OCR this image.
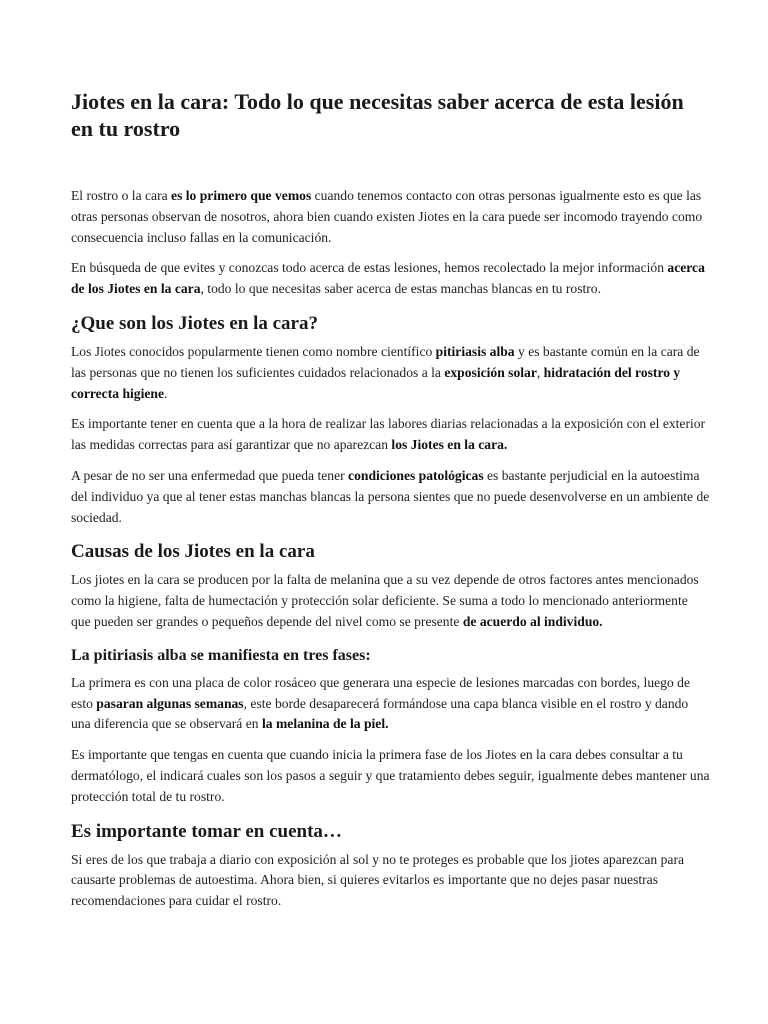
Jiotes en la cara: Todo lo que necesitas saber acerca de esta lesión en tu rostro

El rostro o la cara es lo primero que vemos cuando tenemos contacto con otras personas igualmente esto es que las otras personas observan de nosotros, ahora bien cuando existen Jiotes en la cara puede ser incomodo trayendo como consecuencia incluso fallas en la comunicación.

En búsqueda de que evites y conozcas todo acerca de estas lesiones, hemos recolectado la mejor información acerca de los Jiotes en la cara, todo lo que necesitas saber acerca de estas manchas blancas en tu rostro.

¿Que son los Jiotes en la cara?

Los Jiotes conocidos popularmente tienen como nombre científico pitiriasis alba y es bastante común en la cara de las personas que no tienen los suficientes cuidados relacionados a la exposición solar, hidratación del rostro y correcta higiene.

Es importante tener en cuenta que a la hora de realizar las labores diarias relacionadas a la exposición con el exterior las medidas correctas para así garantizar que no aparezcan los Jiotes en la cara.

A pesar de no ser una enfermedad que pueda tener condiciones patológicas es bastante perjudicial en la autoestima del individuo ya que al tener estas manchas blancas la persona sientes que no puede desenvolverse en un ambiente de sociedad.

Causas de los Jiotes en la cara

Los jiotes en la cara se producen por la falta de melanina que a su vez depende de otros factores antes mencionados como la higiene, falta de humectación y protección solar deficiente. Se suma a todo lo mencionado anteriormente que pueden ser grandes o pequeños depende del nivel como se presente de acuerdo al individuo.

La pitiriasis alba se manifiesta en tres fases:

La primera es con una placa de color rosáceo que generara una especie de lesiones marcadas con bordes, luego de esto pasaran algunas semanas, este borde desaparecerá formándose una capa blanca visible en el rostro y dando una diferencia que se observará en la melanina de la piel.

Es importante que tengas en cuenta que cuando inicia la primera fase de los Jiotes en la cara debes consultar a tu dermatólogo, el indicará cuales son los pasos a seguir y que tratamiento debes seguir, igualmente debes mantener una protección total de tu rostro.

Es importante tomar en cuenta…

Si eres de los que trabaja a diario con exposición al sol y no te proteges es probable que los jiotes aparezcan para causarte problemas de autoestima. Ahora bien, si quieres evitarlos es importante que no dejes pasar nuestras recomendaciones para cuidar el rostro.
